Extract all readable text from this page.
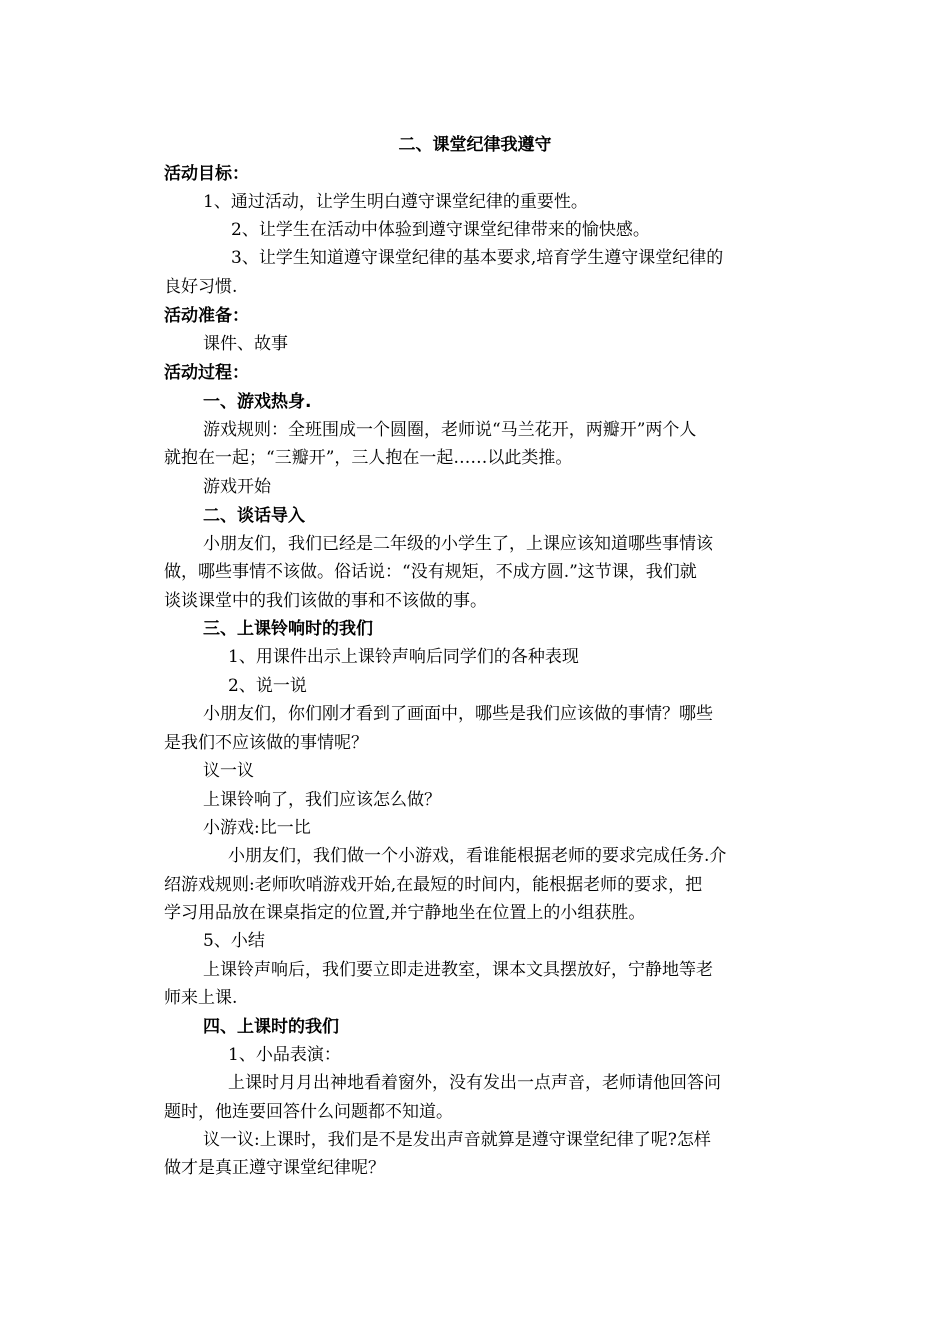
二、课堂纪律我遵守
活动目标：
1、通过活动，让学生明白遵守课堂纪律的重要性。
2、让学生在活动中体验到遵守课堂纪律带来的愉快感。
3、让学生知道遵守课堂纪律的基本要求,培育学生遵守课堂纪律的
良好习惯.
活动准备：
课件、故事
活动过程：
一、游戏热身.
游戏规则：全班围成一个圆圈，老师说“马兰花开，两瓣开”两个人
就抱在一起；“三瓣开”，三人抱在一起……以此类推。
游戏开始
二、谈话导入
小朋友们，我们已经是二年级的小学生了，上课应该知道哪些事情该
做，哪些事情不该做。俗话说：“没有规矩，不成方圆.”这节课，我们就
谈谈课堂中的我们该做的事和不该做的事。
三、上课铃响时的我们
1、用课件出示上课铃声响后同学们的各种表现
2、说一说
小朋友们，你们刚才看到了画面中，哪些是我们应该做的事情？哪些
是我们不应该做的事情呢？
议一议
上课铃响了，我们应该怎么做？
小游戏:比一比
小朋友们，我们做一个小游戏，看谁能根据老师的要求完成任务.介
绍游戏规则:老师吹哨游戏开始,在最短的时间内，能根据老师的要求，把
学习用品放在课桌指定的位置,并宁静地坐在位置上的小组获胜。
5、小结
上课铃声响后，我们要立即走进教室，课本文具摆放好，宁静地等老
师来上课.
四、上课时的我们
1、小品表演：
上课时月月出神地看着窗外，没有发出一点声音，老师请他回答问
题时，他连要回答什么问题都不知道。
议一议:上课时，我们是不是发出声音就算是遵守课堂纪律了呢?怎样
做才是真正遵守课堂纪律呢？
